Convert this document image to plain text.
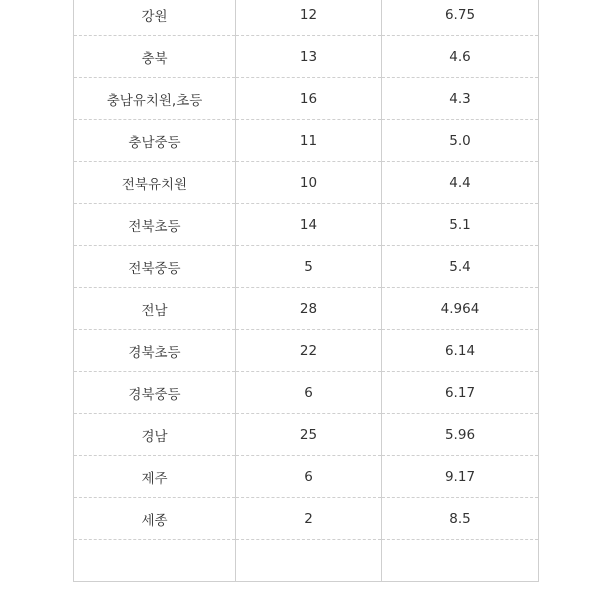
강원	12	6.75
충북	13	4.6
충남유치원,초등	16	4.3
충남중등	11	5.0
전북유치원	10	4.4
전북초등	14	5.1
전북중등	5	5.4
전남	28	4.964
경북초등	22	6.14
경북중등	6	6.17
경남	25	5.96
제주	6	9.17
세종	2	8.5
